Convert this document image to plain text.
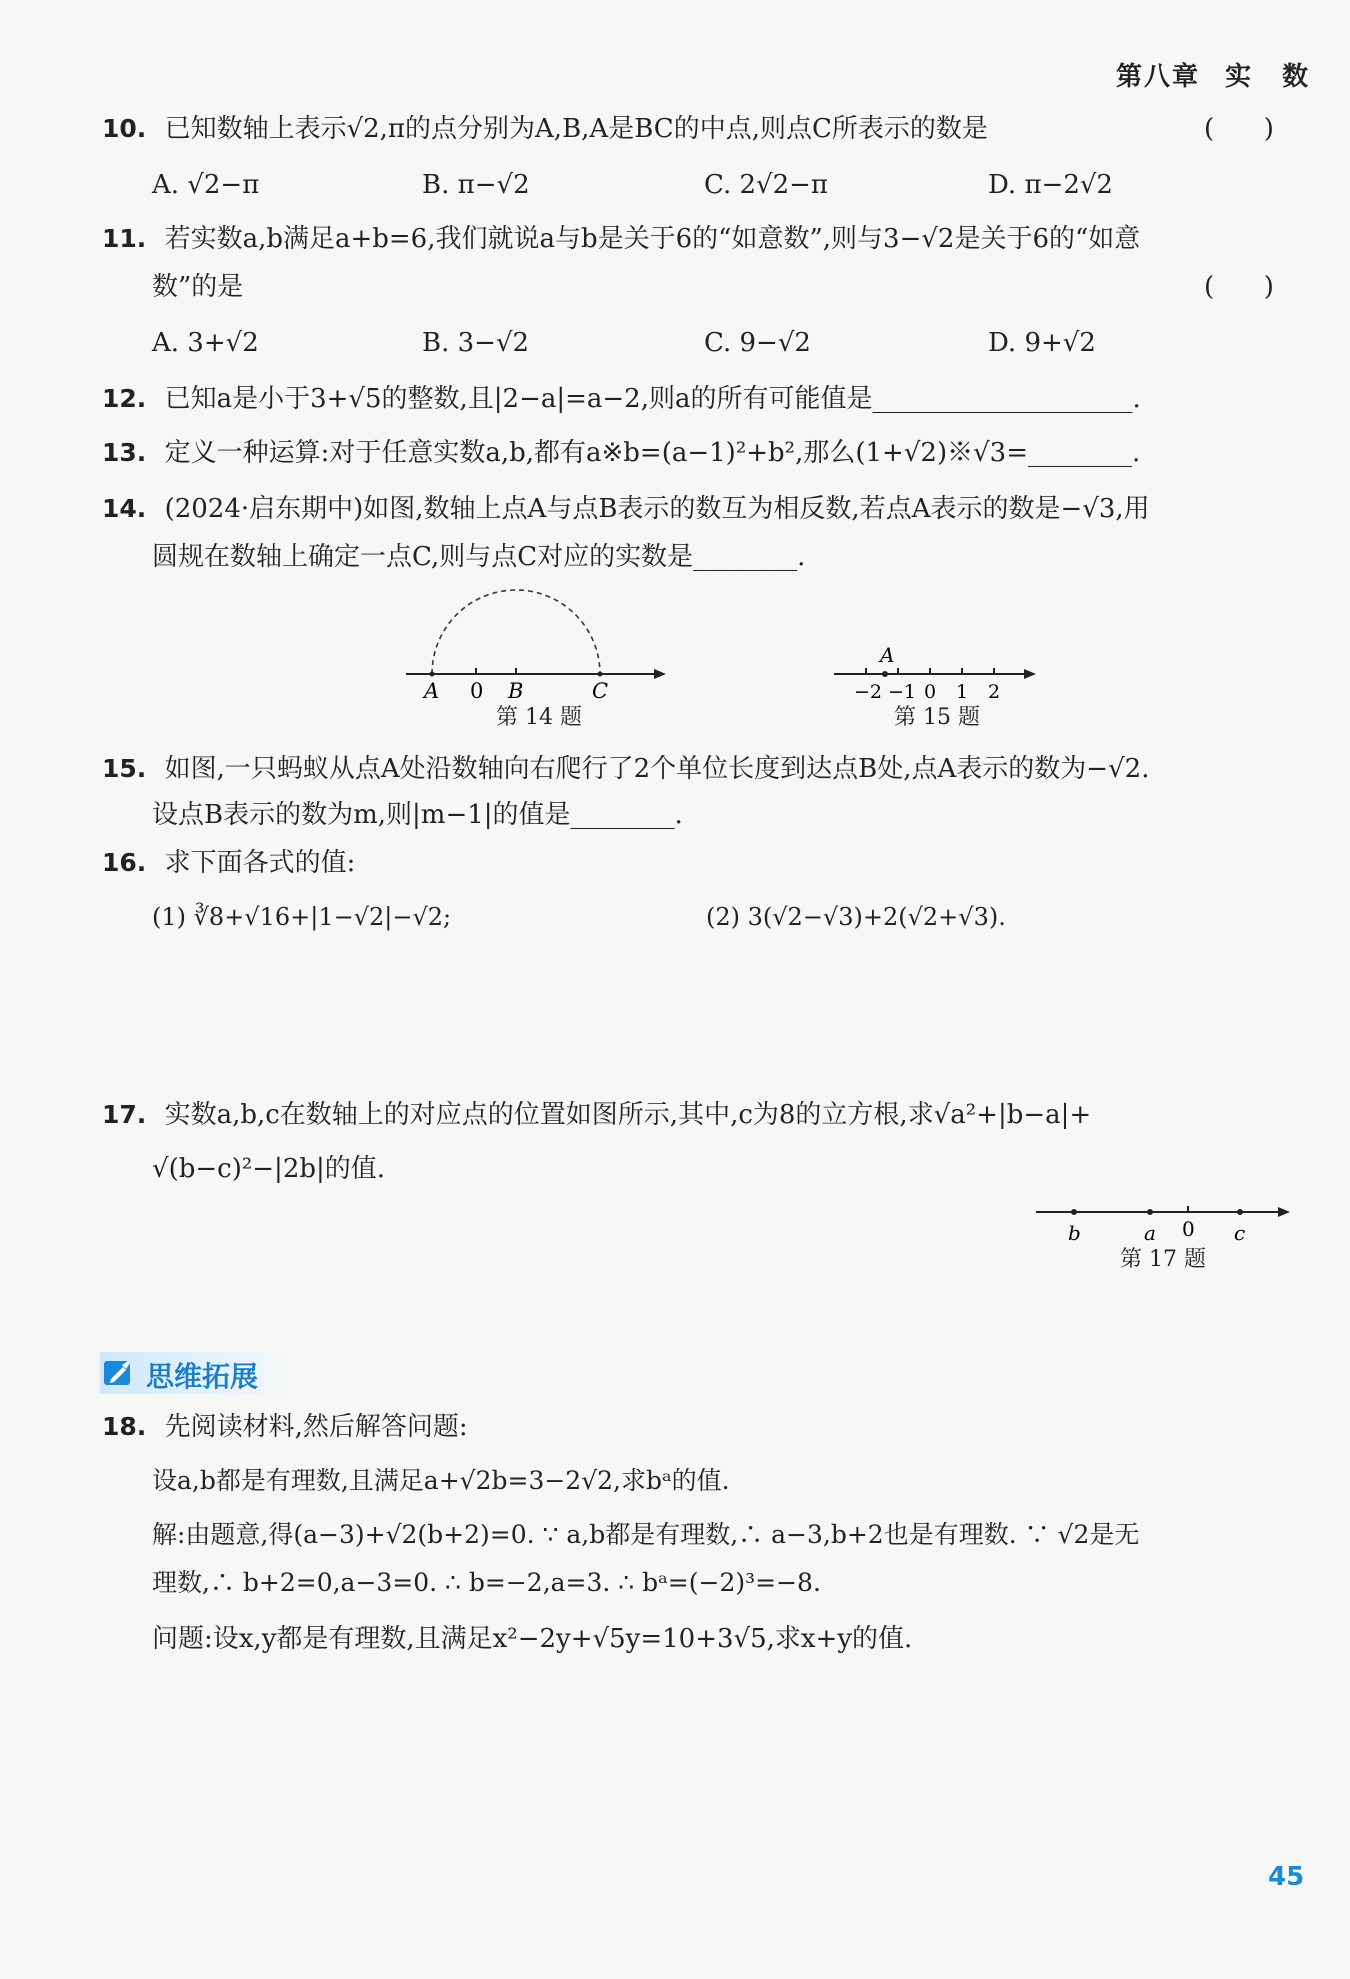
第八章 实 数
10. 已知数轴上表示√2,π的点分别为A,B,A是BC的中点,则点C所表示的数是	(      )
A. √2−π	B. π−√2	C. 2√2−π	D. π−2√2
11. 若实数a,b满足a+b=6,我们就说a与b是关于6的“如意数”,则与3−√2是关于6的“如意
数”的是	(      )
A. 3+√2	B. 3−√2	C. 9−√2	D. 9+√2
12. 已知a是小于3+√5的整数,且|2−a|=a−2,则a的所有可能值是____________________.
13. 定义一种运算:对于任意实数a,b,都有a※b=(a−1)²+b²,那么(1+√2)※√3=________.
14. (2024·启东期中)如图,数轴上点A与点B表示的数互为相反数,若点A表示的数是−√3,用
圆规在数轴上确定一点C,则与点C对应的实数是________.
A 0 B	C
第 14 题
A
−2 −1 0 1 2
第 15 题
15. 如图,一只蚂蚁从点A处沿数轴向右爬行了2个单位长度到达点B处,点A表示的数为−√2.
设点B表示的数为m,则|m−1|的值是________.
16. 求下面各式的值:
(1) ∛8+√16+|1−√2|−√2;	(2) 3(√2−√3)+2(√2+√3).
17. 实数a,b,c在数轴上的对应点的位置如图所示,其中,c为8的立方根,求√a²+|b−a|+
√(b−c)²−|2b|的值.
b	a 0 c
第 17 题
思维拓展
18. 先阅读材料,然后解答问题:
设a,b都是有理数,且满足a+√2b=3−2√2,求bᵃ的值.
解:由题意,得(a−3)+√2(b+2)=0. ∵ a,b都是有理数,∴ a−3,b+2也是有理数. ∵ √2是无
理数,∴ b+2=0,a−3=0. ∴ b=−2,a=3. ∴ bᵃ=(−2)³=−8.
问题:设x,y都是有理数,且满足x²−2y+√5y=10+3√5,求x+y的值.
45
